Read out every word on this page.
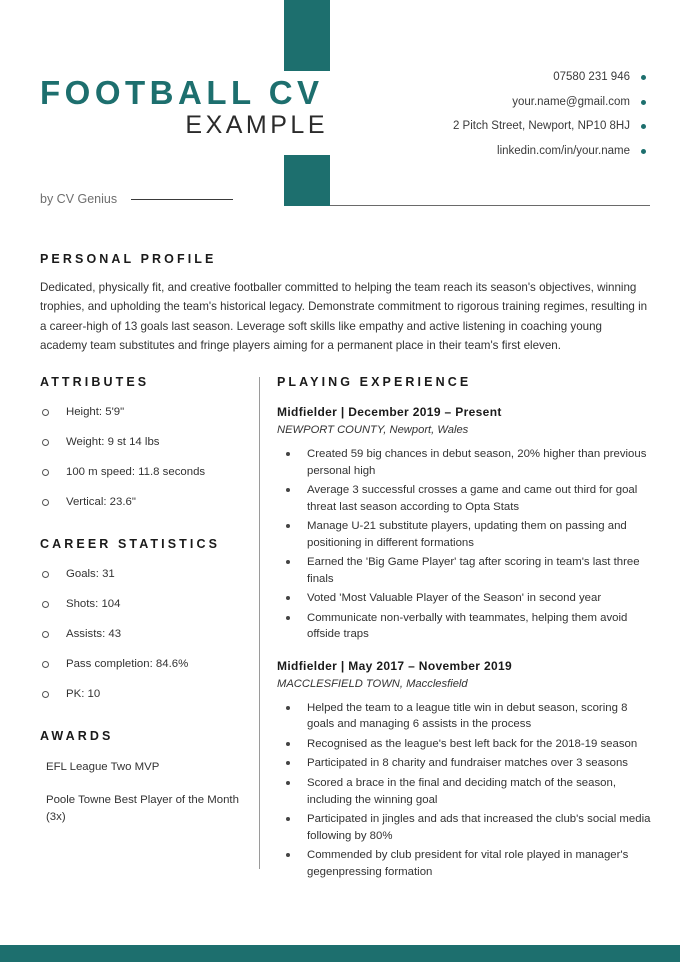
FOOTBALL CV
EXAMPLE
07580 231 946
your.name@gmail.com
2 Pitch Street, Newport, NP10 8HJ
linkedin.com/in/your.name
by CV Genius
PERSONAL PROFILE

Dedicated, physically fit, and creative footballer committed to helping the team reach its season's objectives, winning trophies, and upholding the team's historical legacy. Demonstrate commitment to rigorous training regimes, resulting in a career-high of 13 goals last season. Leverage soft skills like empathy and active listening in coaching young academy team substitutes and fringe players aiming for a permanent place in their team's first eleven.

ATTRIBUTES
Height: 5'9"
Weight: 9 st 14 lbs
100 m speed: 11.8 seconds
Vertical: 23.6"
CAREER STATISTICS
Goals: 31
Shots: 104
Assists: 43
Pass completion: 84.6%
PK: 10
AWARDS
EFL League Two MVP
Poole Towne Best Player of the Month (3x)
PLAYING EXPERIENCE
Midfielder | December 2019 – Present
NEWPORT COUNTY, Newport, Wales
Created 59 big chances in debut season, 20% higher than previous personal high
Average 3 successful crosses a game and came out third for goal threat last season according to Opta Stats
Manage U-21 substitute players, updating them on passing and positioning in different formations
Earned the 'Big Game Player' tag after scoring in team's last three finals
Voted 'Most Valuable Player of the Season' in second year
Communicate non-verbally with teammates, helping them avoid offside traps
Midfielder | May 2017 – November 2019
MACCLESFIELD TOWN, Macclesfield
Helped the team to a league title win in debut season, scoring 8 goals and managing 6 assists in the process
Recognised as the league's best left back for the 2018-19 season
Participated in 8 charity and fundraiser matches over 3 seasons
Scored a brace in the final and deciding match of the season, including the winning goal
Participated in jingles and ads that increased the club's social media following by 80%
Commended by club president for vital role played in manager's gegenpressing formation
